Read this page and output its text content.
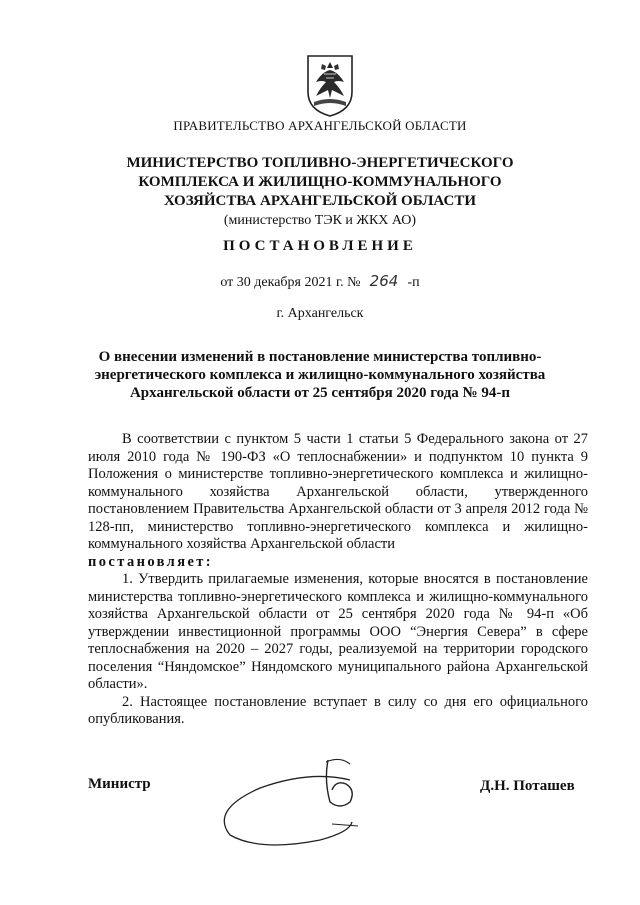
ПРАВИТЕЛЬСТВО АРХАНГЕЛЬСКОЙ ОБЛАСТИ
МИНИСТЕРСТВО ТОПЛИВНО-ЭНЕРГЕТИЧЕСКОГО
КОМПЛЕКСА И ЖИЛИЩНО-КОММУНАЛЬНОГО
ХОЗЯЙСТВА АРХАНГЕЛЬСКОЙ ОБЛАСТИ
(министерство ТЭК и ЖКХ АО)
ПОСТАНОВЛЕНИЕ
от 30 декабря 2021 г. № 264 -п
г. Архангельск
О внесении изменений в постановление министерства топливно-
энергетического комплекса и жилищно-коммунального хозяйства
Архангельской области от 25 сентября 2020 года № 94-п

В соответствии с пунктом 5 части 1 статьи 5 Федерального закона от 27 июля 2010 года № 190-ФЗ «О теплоснабжении» и подпунктом 10 пункта 9 Положения о министерстве топливно-энергетического комплекса и жилищно-коммунального хозяйства Архангельской области, утвержденного постановлением Правительства Архангельской области от 3 апреля 2012 года № 128-пп, министерство топливно-энергетического комплекса и жилищно-коммунального хозяйства Архангельской области

постановляет:

1. Утвердить прилагаемые изменения, которые вносятся в постановление министерства топливно-энергетического комплекса и жилищно-коммунального хозяйства Архангельской области от 25 сентября 2020 года № 94-п «Об утверждении инвестиционной программы ООО “Энергия Севера” в сфере теплоснабжения на 2020 – 2027 годы, реализуемой на территории городского поселения “Няндомское” Няндомского муниципального района Архангельской области».

2. Настоящее постановление вступает в силу со дня его официального опубликования.

Министр	Д.Н. Поташев
